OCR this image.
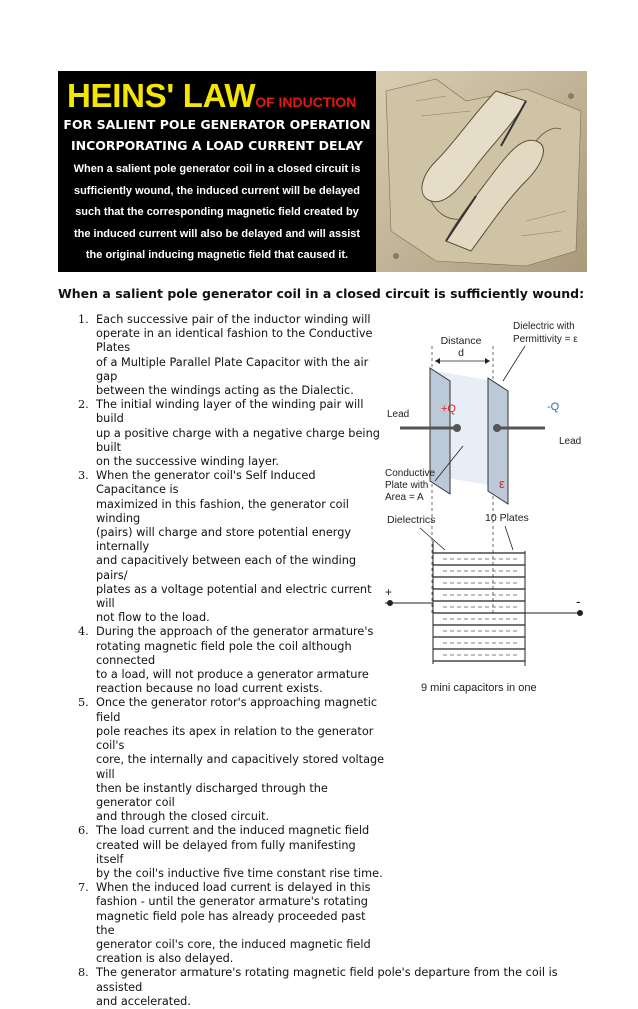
HEINS' LAWOF INDUCTION
FOR SALIENT POLE GENERATOR OPERATION
INCORPORATING A LOAD CURRENT DELAY
When a salient pole generator coil in a closed circuit is
sufficiently wound, the induced current will be delayed
such that the corresponding magnetic field created by
the induced current will also be delayed and will assist
the original inducing magnetic field that caused it.
When a salient pole generator coil in a closed circuit is sufficiently wound:
1. Each successive pair of the inductor winding will
operate in an identical fashion to the Conductive Plates
of a Multiple Parallel Plate Capacitor with the air gap
between the windings acting as the Dialectic.
2. The initial winding layer of the winding pair will build
up a positive charge with a negative charge being built
on the successive winding layer.
3. When the generator coil's Self Induced Capacitance is
maximized in this fashion, the generator coil winding
(pairs) will charge and store potential energy internally
and capacitively between each of the winding pairs/
plates as a voltage potential and electric current will
not flow to the load.
4. During the approach of the generator armature's
rotating magnetic field pole the coil although connected
to a load, will not produce a generator armature
reaction because no load current exists.
5. Once the generator rotor's approaching magnetic field
pole reaches its apex in relation to the generator coil's
core, the internally and capacitively stored voltage will
then be instantly discharged through the generator coil
and through the closed circuit.
6. The load current and the induced magnetic field
created will be delayed from fully manifesting itself
by the coil's inductive five time constant rise time.
7. When the induced load current is delayed in this
fashion - until the generator armature's rotating
magnetic field pole has already proceeded past the
generator coil's core, the induced magnetic field
creation is also delayed.
8. The generator armature's rotating magnetic field pole's departure from the coil is assisted
and accelerated.
Distance
d
Dielectric with
Permittivity = ε
+Q	-Q
Lead
Lead
Conductive
Plate with
Area = A
ε
Dielectrics	10 Plates
+
-
9 mini capacitors in one
